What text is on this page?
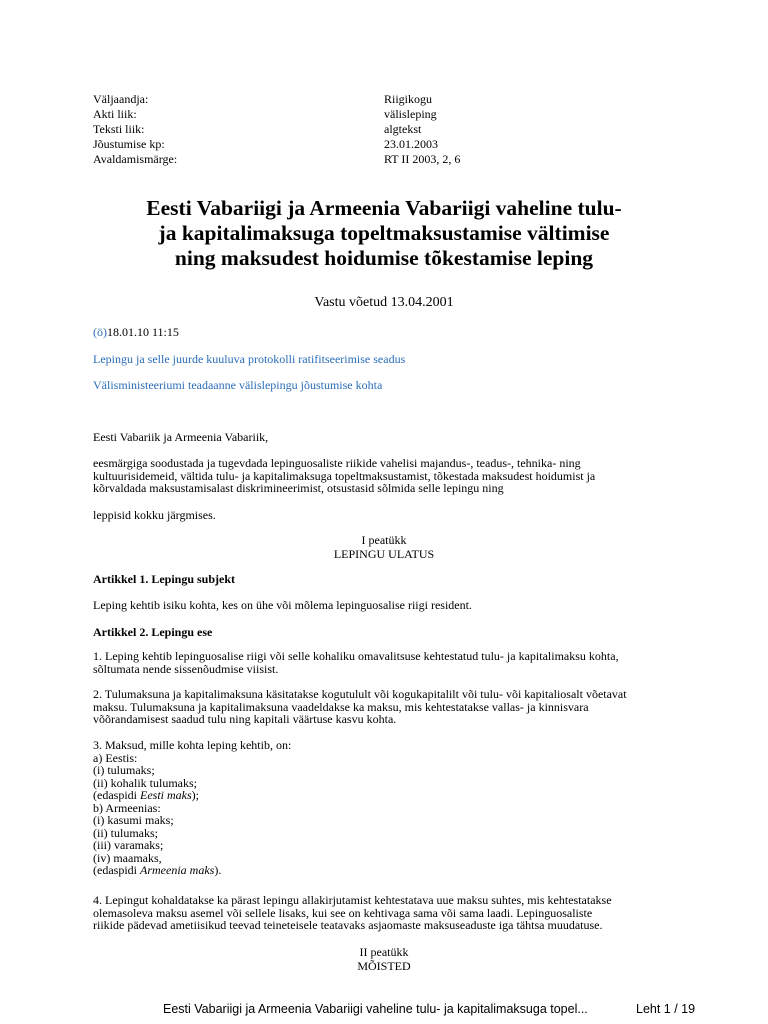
Väljaandja:	Riigikogu
Akti liik:	välisleping
Teksti liik:	algtekst
Jõustumise kp:	23.01.2003
Avaldamismärge:	RT II 2003, 2, 6
Eesti Vabariigi ja Armeenia Vabariigi vaheline tulu-
ja kapitalimaksuga topeltmaksustamise vältimise
ning maksudest hoidumise tõkestamise leping
Vastu võetud 13.04.2001
(ö)18.01.10 11:15
Lepingu ja selle juurde kuuluva protokolli ratifitseerimise seadus
Välisministeeriumi teadaanne välislepingu jõustumise kohta
Eesti Vabariik ja Armeenia Vabariik,
eesmärgiga soodustada ja tugevdada lepinguosaliste riikide vahelisi majandus-, teadus-, tehnika- ning
kultuurisidemeid, vältida tulu- ja kapitalimaksuga topeltmaksustamist, tõkestada maksudest hoidumist ja
kõrvaldada maksustamisalast diskrimineerimist, otsustasid sõlmida selle lepingu ning
leppisid kokku järgmises.
I peatükk
LEPINGU ULATUS
Artikkel 1. Lepingu subjekt
Leping kehtib isiku kohta, kes on ühe või mõlema lepinguosalise riigi resident.
Artikkel 2. Lepingu ese
1. Leping kehtib lepinguosalise riigi või selle kohaliku omavalitsuse kehtestatud tulu- ja kapitalimaksu kohta,
sõltumata nende sissenõudmise viisist.
2. Tulumaksuna ja kapitalimaksuna käsitatakse kogutulult või kogukapitalilt või tulu- või kapitaliosalt võetavat
maksu. Tulumaksuna ja kapitalimaksuna vaadeldakse ka maksu, mis kehtestatakse vallas- ja kinnisvara
võõrandamisest saadud tulu ning kapitali väärtuse kasvu kohta.
3. Maksud, mille kohta leping kehtib, on:
a) Eestis:
(i) tulumaks;
(ii) kohalik tulumaks;
(edaspidi Eesti maks);
b) Armeenias:
(i) kasumi maks;
(ii) tulumaks;
(iii) varamaks;
(iv) maamaks,
(edaspidi Armeenia maks).
4. Lepingut kohaldatakse ka pärast lepingu allakirjutamist kehtestatava uue maksu suhtes, mis kehtestatakse
olemasoleva maksu asemel või sellele lisaks, kui see on kehtivaga sama või sama laadi. Lepinguosaliste
riikide pädevad ametiisikud teevad teineteisele teatavaks asjaomaste maksuseaduste iga tähtsa muudatuse.
II peatükk
MÕISTED
Eesti Vabariigi ja Armeenia Vabariigi vaheline tulu- ja kapitalimaksuga topel...	Leht 1 / 19
